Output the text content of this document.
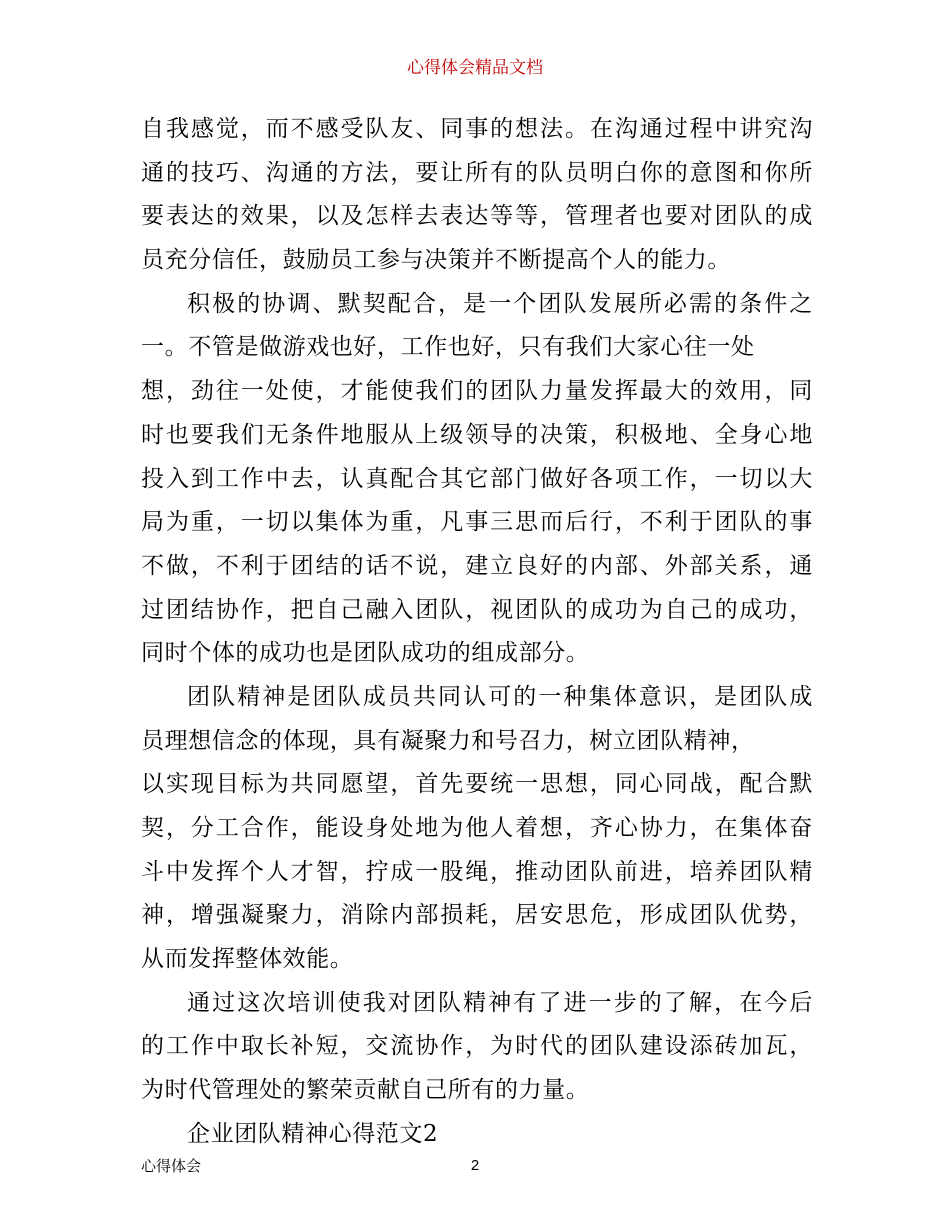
心得体会精品文档
自我感觉，而不感受队友、同事的想法。在沟通过程中讲究沟
通的技巧、沟通的方法，要让所有的队员明白你的意图和你所
要表达的效果，以及怎样去表达等等，管理者也要对团队的成
员充分信任，鼓励员工参与决策并不断提高个人的能力。
积极的协调、默契配合，是一个团队发展所必需的条件之
一。不管是做游戏也好，工作也好，只有我们大家心往一处
想，劲往一处使，才能使我们的团队力量发挥最大的效用，同
时也要我们无条件地服从上级领导的决策，积极地、全身心地
投入到工作中去，认真配合其它部门做好各项工作，一切以大
局为重，一切以集体为重，凡事三思而后行，不利于团队的事
不做，不利于团结的话不说，建立良好的内部、外部关系，通
过团结协作，把自己融入团队，视团队的成功为自己的成功，
同时个体的成功也是团队成功的组成部分。
团队精神是团队成员共同认可的一种集体意识，是团队成
员理想信念的体现，具有凝聚力和号召力，树立团队精神，
以实现目标为共同愿望，首先要统一思想，同心同战，配合默
契，分工合作，能设身处地为他人着想，齐心协力，在集体奋
斗中发挥个人才智，拧成一股绳，推动团队前进，培养团队精
神，增强凝聚力，消除内部损耗，居安思危，形成团队优势，
从而发挥整体效能。
通过这次培训使我对团队精神有了进一步的了解，在今后
的工作中取长补短，交流协作，为时代的团队建设添砖加瓦，
为时代管理处的繁荣贡献自己所有的力量。
企业团队精神心得范文2
心得体会	2
